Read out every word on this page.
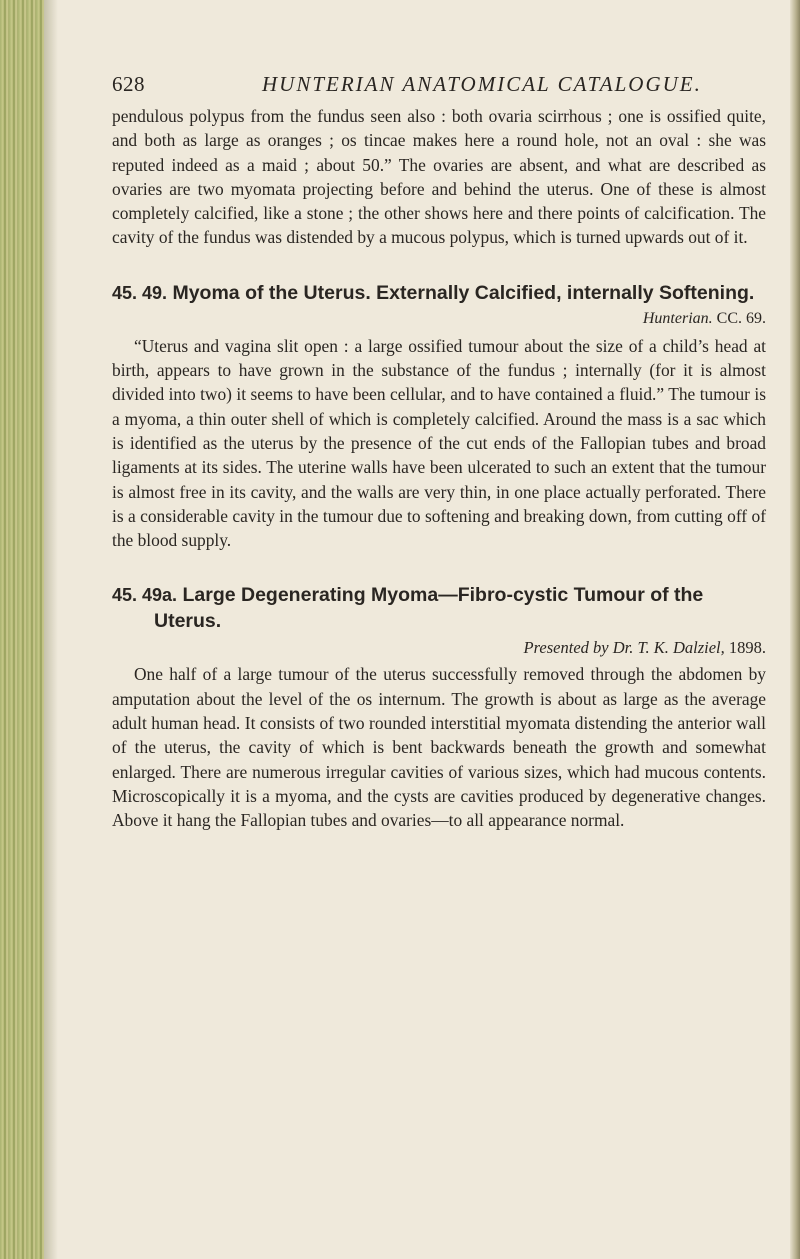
628	HUNTERIAN ANATOMICAL CATALOGUE.

pendulous polypus from the fundus seen also : both ovaria scirrhous ; one is ossified quite, and both as large as oranges ; os tincae makes here a round hole, not an oval : she was reputed indeed as a maid ; about 50.” The ovaries are absent, and what are described as ovaries are two myomata projecting before and behind the uterus. One of these is almost completely calcified, like a stone ; the other shows here and there points of calcification. The cavity of the fundus was distended by a mucous polypus, which is turned upwards out of it.

45. 49. Myoma of the Uterus. Externally Calcified, internally Softening.
Hunterian. CC. 69.

“Uterus and vagina slit open : a large ossified tumour about the size of a child’s head at birth, appears to have grown in the substance of the fundus ; internally (for it is almost divided into two) it seems to have been cellular, and to have contained a fluid.” The tumour is a myoma, a thin outer shell of which is completely calcified. Around the mass is a sac which is identified as the uterus by the presence of the cut ends of the Fallopian tubes and broad ligaments at its sides. The uterine walls have been ulcerated to such an extent that the tumour is almost free in its cavity, and the walls are very thin, in one place actually perforated. There is a considerable cavity in the tumour due to softening and breaking down, from cutting off of the blood supply.

45. 49a. Large Degenerating Myoma—Fibro-cystic Tumour of the Uterus.
Presented by Dr. T. K. Dalziel, 1898.

One half of a large tumour of the uterus successfully removed through the abdomen by amputation about the level of the os internum. The growth is about as large as the average adult human head. It consists of two rounded interstitial myomata distending the anterior wall of the uterus, the cavity of which is bent backwards beneath the growth and somewhat enlarged. There are numerous irregular cavities of various sizes, which had mucous contents. Microscopically it is a myoma, and the cysts are cavities produced by degenerative changes. Above it hang the Fallopian tubes and ovaries—to all appearance normal.
